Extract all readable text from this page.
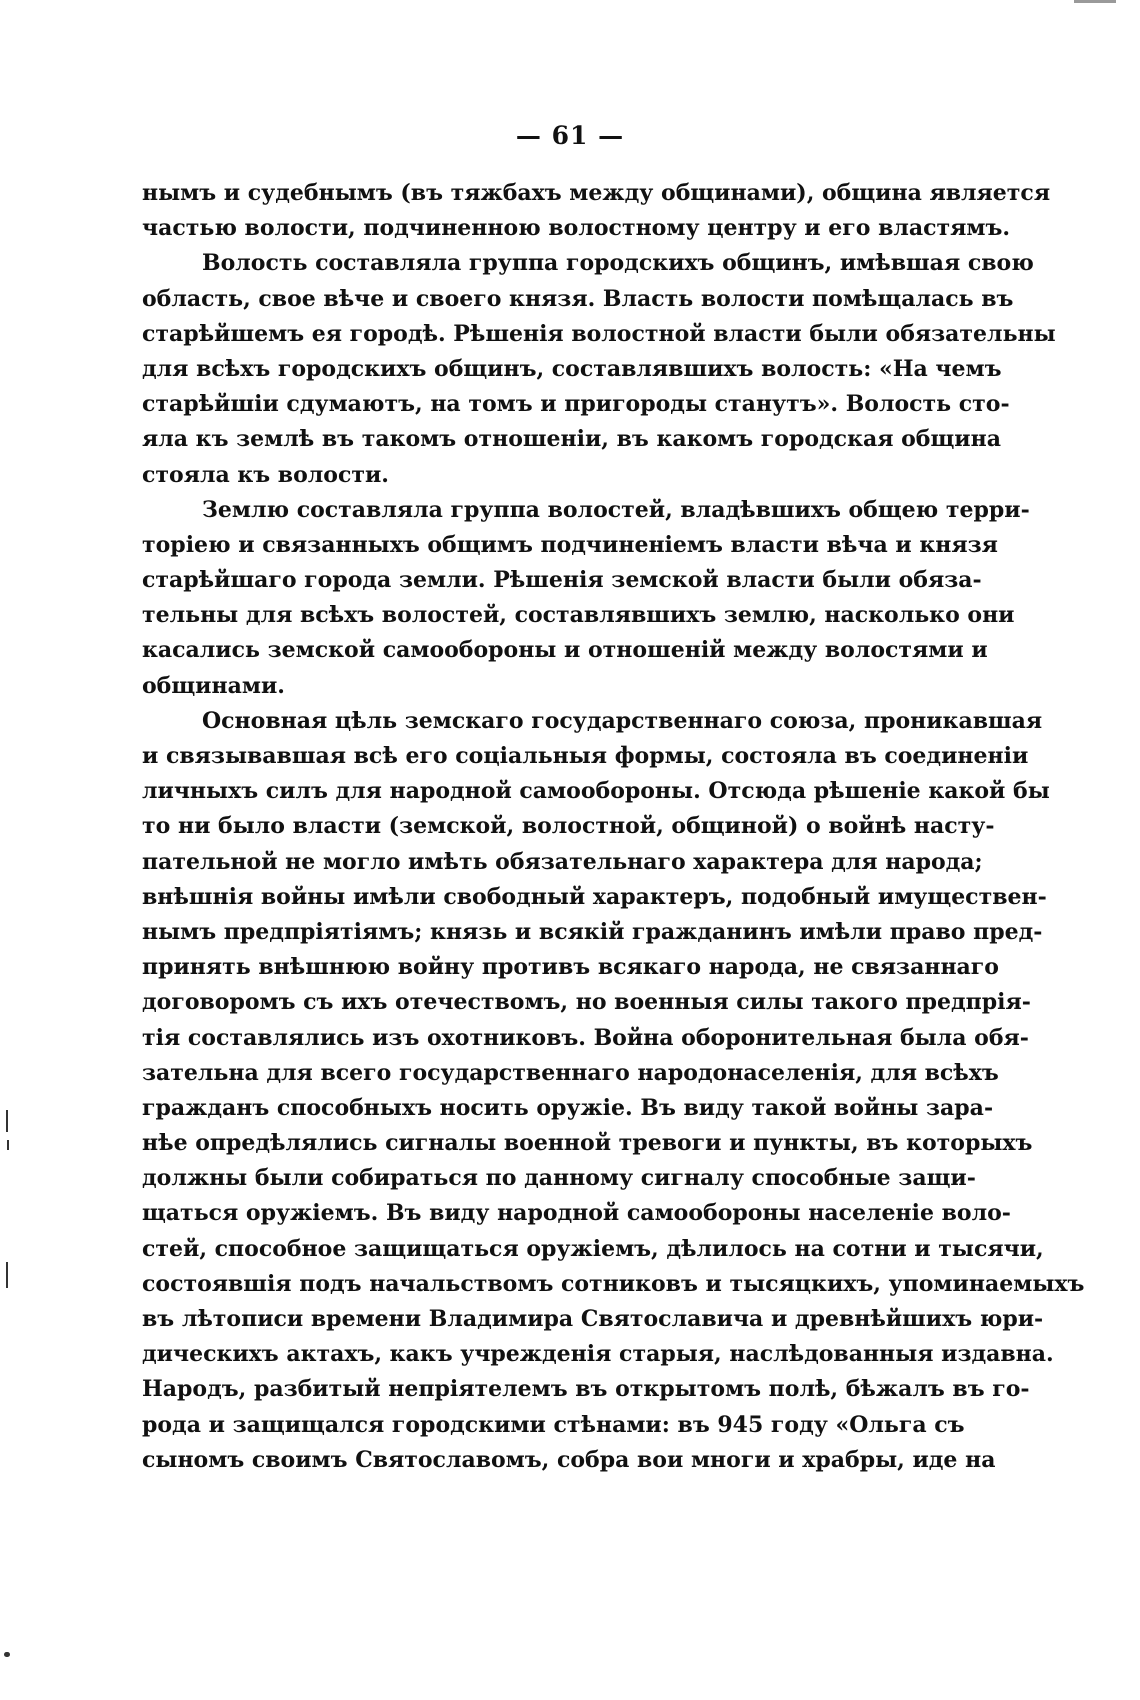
— 61 —
нымъ и судебнымъ (въ тяжбахъ между общинами), община является
частью волости, подчиненною волостному центру и его властямъ.
Волость составляла группа городскихъ общинъ, имѣвшая свою
область, свое вѣче и своего князя. Власть волости помѣщалась въ
старѣйшемъ ея городѣ. Рѣшенія волостной власти были обязательны
для всѣхъ городскихъ общинъ, составлявшихъ волость: «На чемъ
старѣйшіи сдумаютъ, на томъ и пригороды станутъ». Волость сто-
яла къ землѣ въ такомъ отношеніи, въ какомъ городская община
стояла къ волости.
Землю составляла группа волостей, владѣвшихъ общею терри-
торіею и связанныхъ общимъ подчиненіемъ власти вѣча и князя
старѣйшаго города земли. Рѣшенія земской власти были обяза-
тельны для всѣхъ волостей, составлявшихъ землю, насколько они
касались земской самообороны и отношеній между волостями и
общинами.
Основная цѣль земскаго государственнаго союза, проникавшая
и связывавшая всѣ его соціальныя формы, состояла въ соединеніи
личныхъ силъ для народной самообороны. Отсюда рѣшеніе какой бы
то ни было власти (земской, волостной, общиной) о войнѣ насту-
пательной не могло имѣть обязательнаго характера для народа;
внѣшнія войны имѣли свободный характеръ, подобный имуществен-
нымъ предпріятіямъ; князь и всякій гражданинъ имѣли право пред-
принять внѣшнюю войну противъ всякаго народа, не связаннаго
договоромъ съ ихъ отечествомъ, но военныя силы такого предпрія-
тія составлялись изъ охотниковъ. Война оборонительная была обя-
зательна для всего государственнаго народонаселенія, для всѣхъ
гражданъ способныхъ носить оружіе. Въ виду такой войны зара-
нѣе опредѣлялись сигналы военной тревоги и пункты, въ которыхъ
должны были собираться по данному сигналу способные защи-
щаться оружіемъ. Въ виду народной самообороны населеніе воло-
стей, способное защищаться оружіемъ, дѣлилось на сотни и тысячи,
состоявшія подъ начальствомъ сотниковъ и тысяцкихъ, упоминаемыхъ
въ лѣтописи времени Владимира Святославича и древнѣйшихъ юри-
дическихъ актахъ, какъ учрежденія старыя, наслѣдованныя издавна.
Народъ, разбитый непріятелемъ въ открытомъ полѣ, бѣжалъ въ го-
рода и защищался городскими стѣнами: въ 945 году «Ольга съ
сыномъ своимъ Святославомъ, собра вои многи и храбры, иде на
